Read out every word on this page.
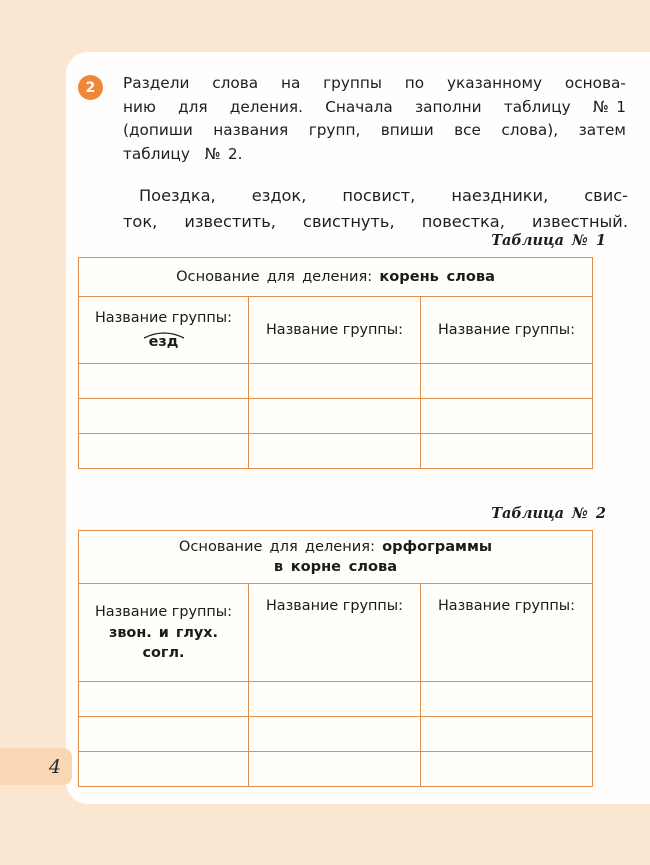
2	Раздели слова на группы по указанному основа-
нию для деления. Сначала заполни таблицу № 1
(допиши названия групп, впиши все слова), затем
таблицу  № 2.
Поездка, ездок, посвист, наездники, свис-
ток, известить, свистнуть, повестка, известный.
Таблица № 1
Основание для деления: корень слова		

Название группы:
езд	Название группы:	Название группы:

Таблица № 2
Основание для деления: орфограммы
в корне слова		

Название группы:
звон. и глух.
согл.	Название группы:	Название группы:

4
